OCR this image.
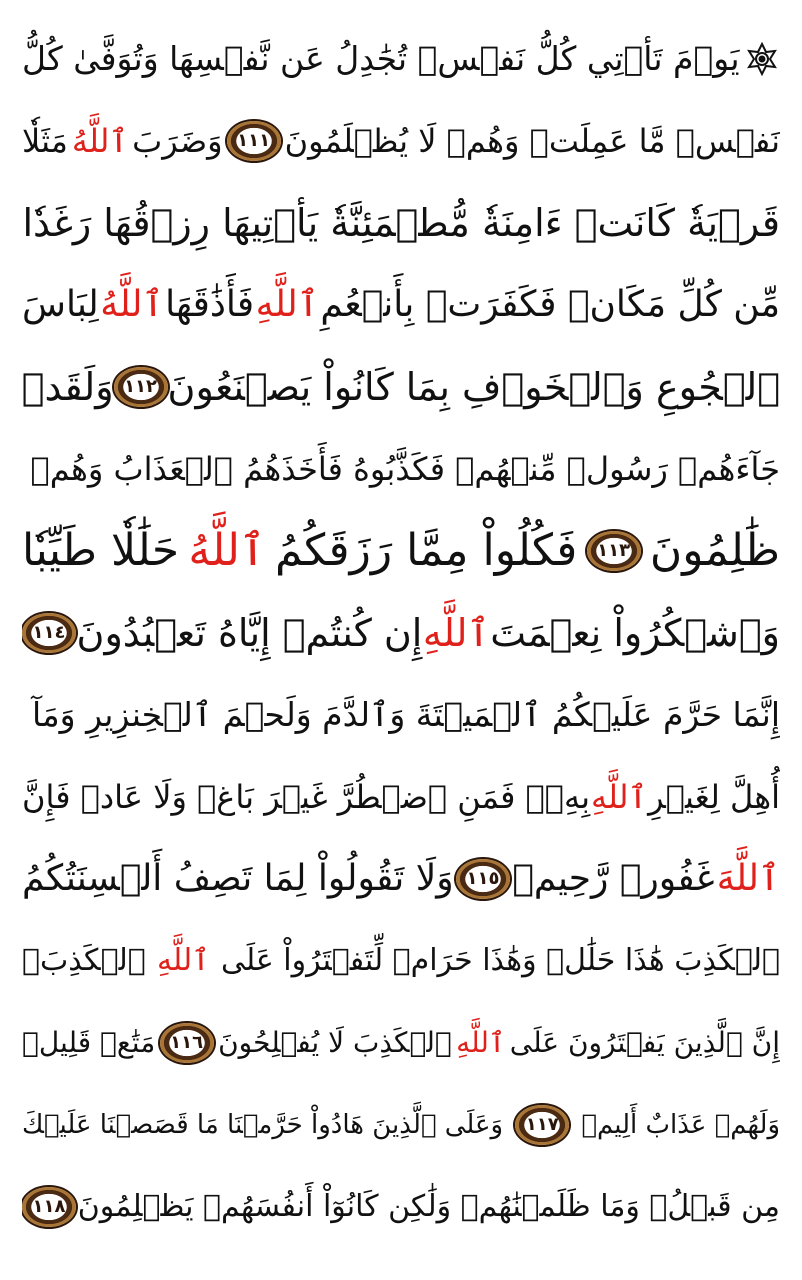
يَوۡمَ تَأۡتِي كُلُّ نَفۡسٖ تُجَٰدِلُ عَن نَّفۡسِهَا وَتُوَفَّىٰ كُلُّ
نَفۡسٖ مَّا عَمِلَتۡ وَهُمۡ لَا يُظۡلَمُونَ
١١١
وَضَرَبَ
ٱللَّهُ
مَثَلٗا
قَرۡيَةٗ كَانَتۡ ءَامِنَةٗ مُّطۡمَئِنَّةٗ يَأۡتِيهَا رِزۡقُهَا رَغَدٗا
مِّن كُلِّ مَكَانٖ فَكَفَرَتۡ بِأَنۡعُمِ
ٱللَّهِ
فَأَذَٰقَهَا
ٱللَّهُ
لِبَاسَ
ٱلۡجُوعِ وَٱلۡخَوۡفِ بِمَا كَانُواْ يَصۡنَعُونَ
١١٢
وَلَقَدۡ
جَآءَهُمۡ رَسُولٞ مِّنۡهُمۡ فَكَذَّبُوهُ فَأَخَذَهُمُ ٱلۡعَذَابُ وَهُمۡ
ظَٰلِمُونَ
١١٣
فَكُلُواْ مِمَّا رَزَقَكُمُ
ٱللَّهُ
حَلَٰلٗا طَيِّبٗا
وَٱشۡكُرُواْ نِعۡمَتَ
ٱللَّهِ
إِن كُنتُمۡ إِيَّاهُ تَعۡبُدُونَ
١١٤
إِنَّمَا حَرَّمَ عَلَيۡكُمُ ٱلۡمَيۡتَةَ وَٱلدَّمَ وَلَحۡمَ ٱلۡخِنزِيرِ وَمَآ
أُهِلَّ لِغَيۡرِ
ٱللَّهِ
بِهِۦۖ فَمَنِ ٱضۡطُرَّ غَيۡرَ بَاغٖ وَلَا عَادٖ فَإِنَّ
ٱللَّهَ
غَفُورٞ رَّحِيمٞ
١١٥
وَلَا تَقُولُواْ لِمَا تَصِفُ أَلۡسِنَتُكُمُ
ٱلۡكَذِبَ هَٰذَا حَلَٰلٞ وَهَٰذَا حَرَامٞ لِّتَفۡتَرُواْ عَلَى
ٱللَّهِ
ٱلۡكَذِبَۚ
إِنَّ ٱلَّذِينَ يَفۡتَرُونَ عَلَى
ٱللَّهِ
ٱلۡكَذِبَ لَا يُفۡلِحُونَ
١١٦
مَتَٰعٞ قَلِيلٞ
وَلَهُمۡ عَذَابٌ أَلِيمٞ
١١٧
وَعَلَى ٱلَّذِينَ هَادُواْ حَرَّمۡنَا مَا قَصَصۡنَا عَلَيۡكَ
مِن قَبۡلُۖ وَمَا ظَلَمۡنَٰهُمۡ وَلَٰكِن كَانُوٓاْ أَنفُسَهُمۡ يَظۡلِمُونَ
١١٨
